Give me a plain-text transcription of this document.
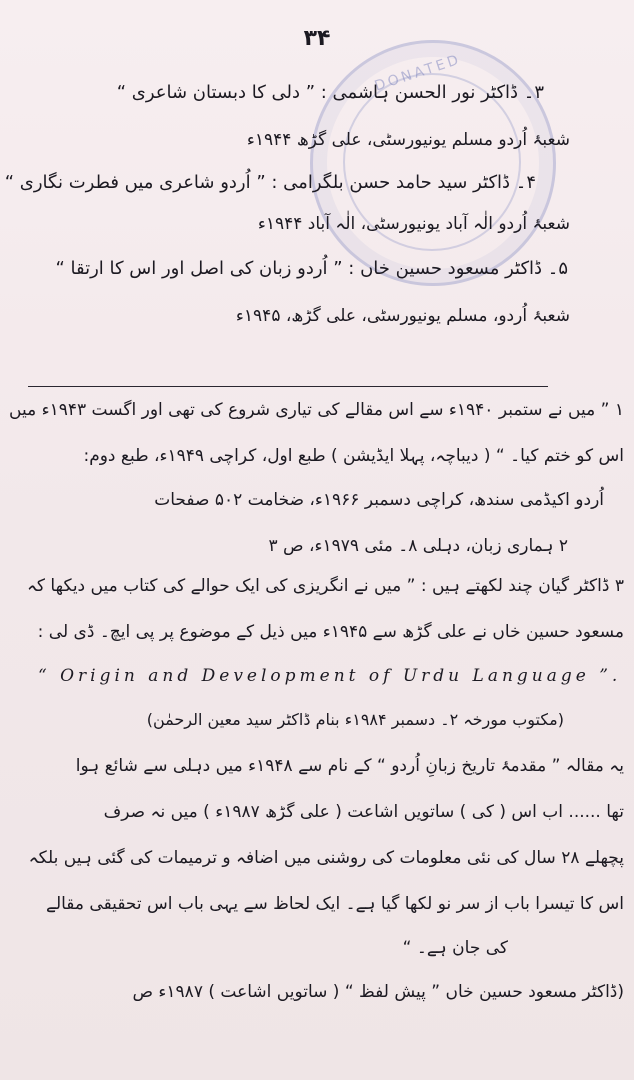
DONATED
۳۴
۳۔ ڈاکٹر نور الحسن ہاشمی : ” دلی کا دبستان شاعری “
شعبۂ اُردو مسلم یونیورسٹی، علی گڑھ ۱۹۴۴ء
۴۔ ڈاکٹر سید حامد حسن بلگرامی : ” اُردو شاعری میں فطرت نگاری “
شعبۂ اُردو الٰہ آباد یونیورسٹی، الٰہ آباد ۱۹۴۴ء
۵۔ ڈاکٹر مسعود حسین خاں : ” اُردو زبان کی اصل اور اس کا ارتقا “
شعبۂ اُردو، مسلم یونیورسٹی، علی گڑھ، ۱۹۴۵ء
۱ ” میں نے ستمبر ۱۹۴۰ء سے اس مقالے کی تیاری شروع کی تھی اور اگست ۱۹۴۳ء میں
اس کو ختم کیا۔ “ ( دیباچہ، پہلا ایڈیشن ) طبع اول، کراچی ۱۹۴۹ء، طبع دوم:
اُردو اکیڈمی سندھ، کراچی دسمبر ۱۹۶۶ء، ضخامت ۵۰۲ صفحات
۲ ہماری زبان، دہلی ۸۔ مئی ۱۹۷۹ء، ص ۳
۳ ڈاکٹر گیان چند لکھتے ہیں : ” میں نے انگریزی کی ایک حوالے کی کتاب میں دیکھا کہ
مسعود حسین خاں نے علی گڑھ سے ۱۹۴۵ء میں ذیل کے موضوع پر پی ایچ۔ ڈی لی :
“ Origin and Development of Urdu Language ”.
(مکتوب مورخہ ۲۔ دسمبر ۱۹۸۴ء بنام ڈاکٹر سید معین الرحمٰن)
یہ مقالہ ” مقدمۂ تاریخ زبانِ اُردو “ کے نام سے ۱۹۴۸ء میں دہلی سے شائع ہوا
تھا ...... اب اس ( کی ) ساتویں اشاعت ( علی گڑھ ۱۹۸۷ء ) میں نہ صرف
پچھلے ۲۸ سال کی نئی معلومات کی روشنی میں اضافہ و ترمیمات کی گئی ہیں بلکہ
اس کا تیسرا باب از سر نو لکھا گیا ہے۔ ایک لحاظ سے یہی باب اس تحقیقی مقالے
کی جان ہے۔ “
(ڈاکٹر مسعود حسین خاں ” پیش لفظ “ ( ساتویں اشاعت ) ۱۹۸۷ء ص
